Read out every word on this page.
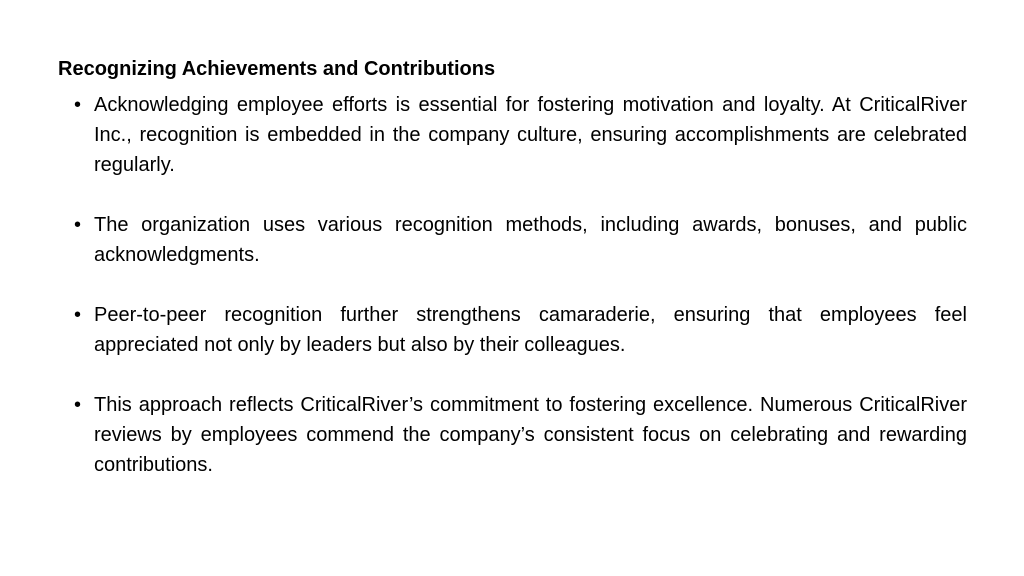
Recognizing Achievements and Contributions
• Acknowledging employee efforts is essential for fostering motivation and loyalty. At CriticalRiver Inc., recognition is embedded in the company culture, ensuring accomplishments are celebrated regularly.
• The organization uses various recognition methods, including awards, bonuses, and public acknowledgments.
• Peer-to-peer recognition further strengthens camaraderie, ensuring that employees feel appreciated not only by leaders but also by their colleagues.
• This approach reflects CriticalRiver’s commitment to fostering excellence. Numerous CriticalRiver reviews by employees commend the company’s consistent focus on celebrating and rewarding contributions.
